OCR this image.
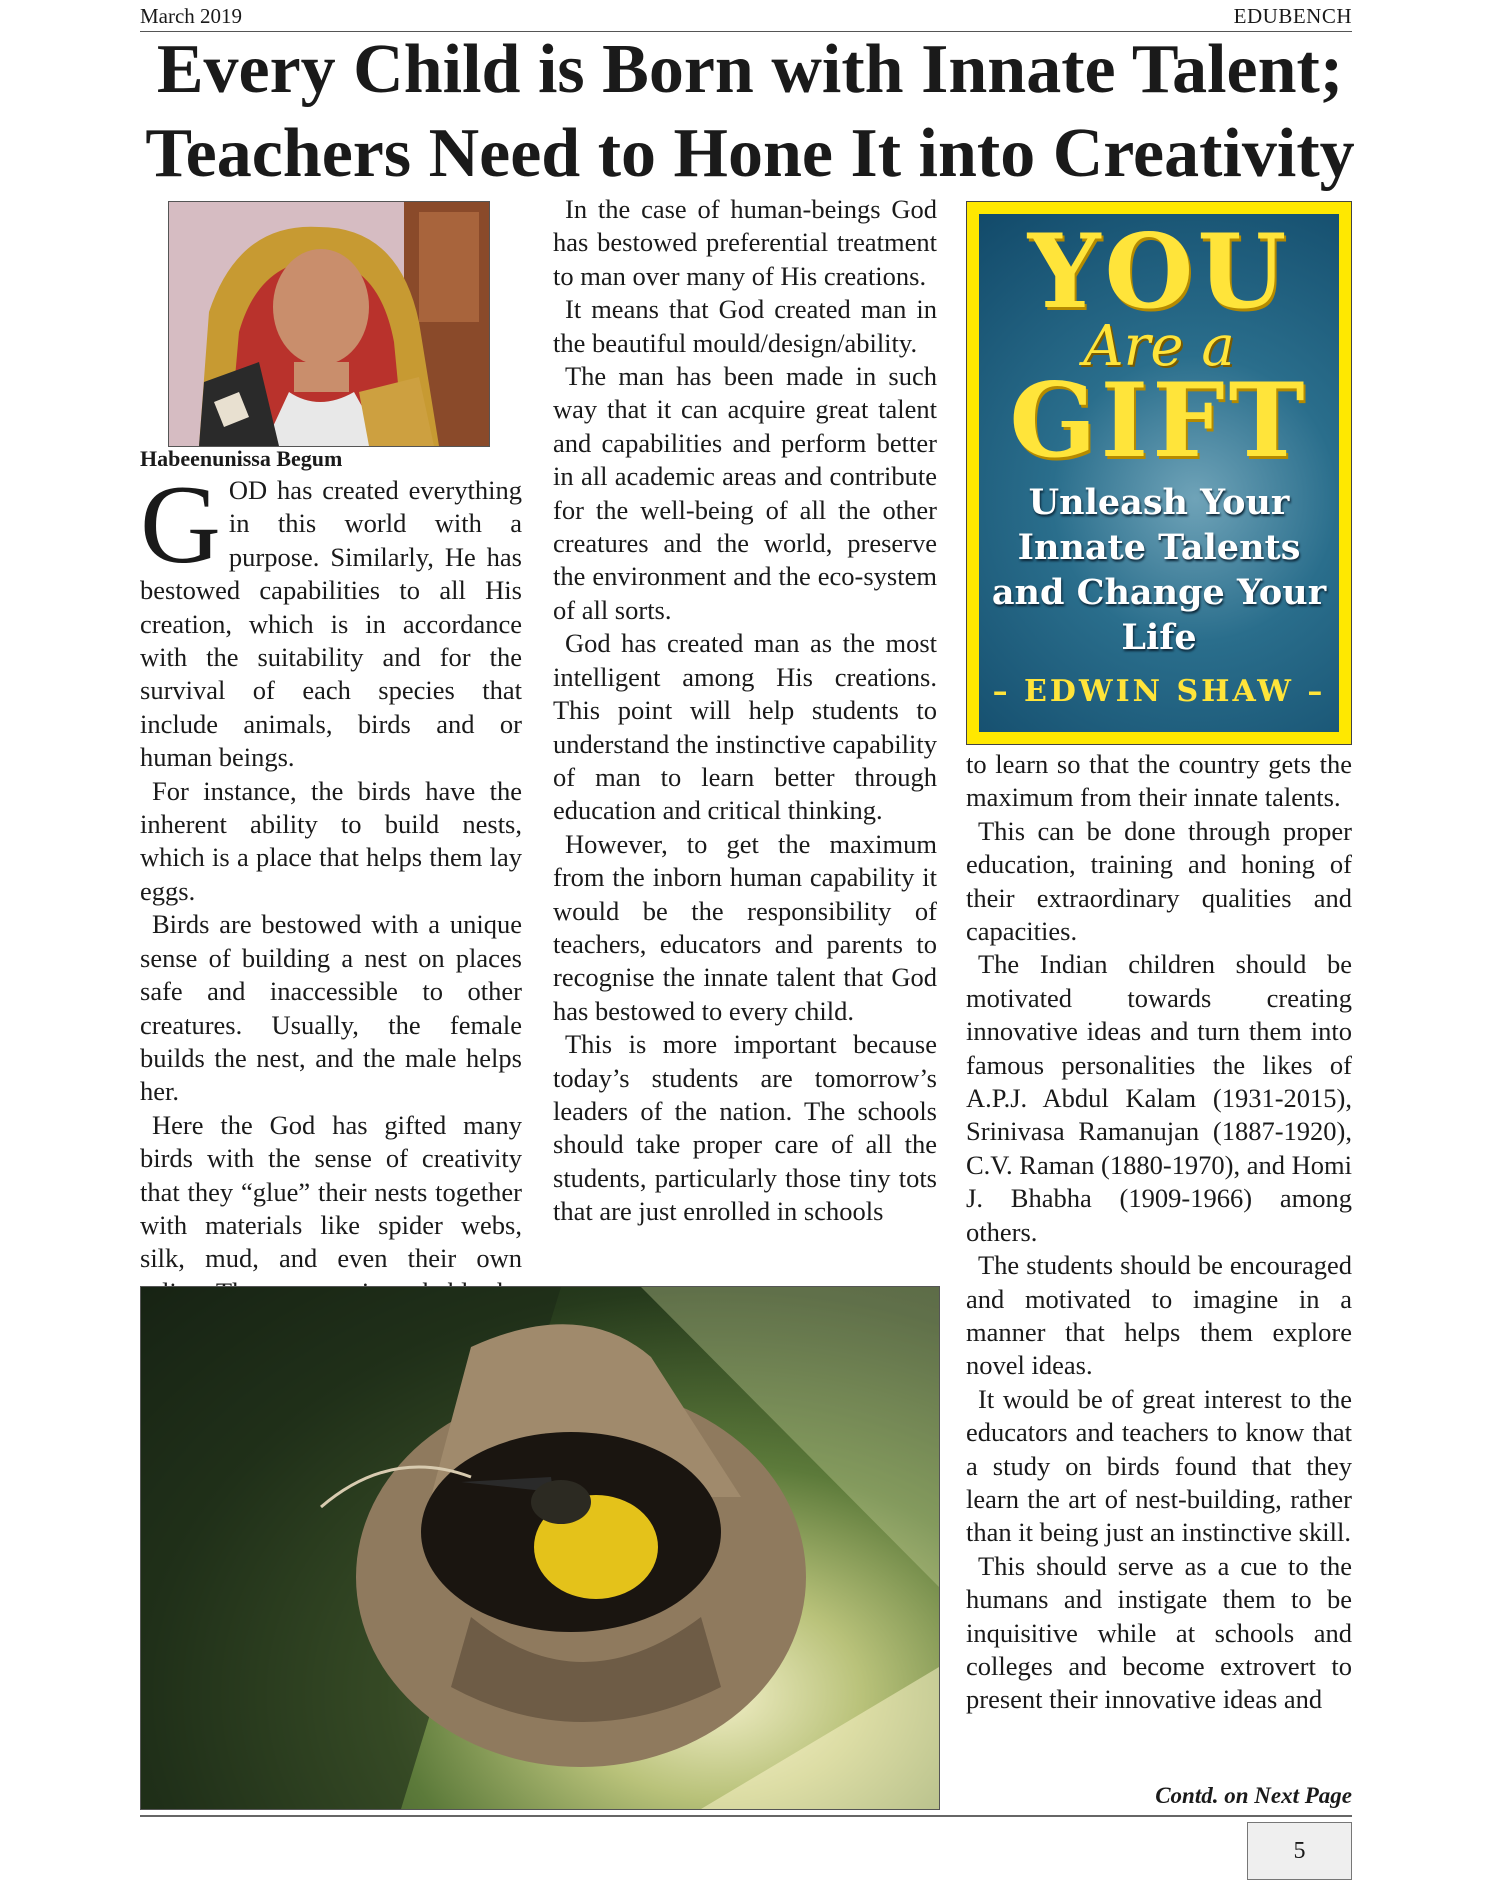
March 2019	EDUBENCH
Every Child is Born with Innate Talent;
Teachers Need to Hone It into Creativity
Habeenunissa Begum

GOD has created everything in this world with a purpose. Similarly, He has bestowed capabilities to all His creation, which is in accordance with the suitability and for the survival of each species that include animals, birds and or human beings.

For instance, the birds have the inherent ability to build nests, which is a place that helps them lay eggs.

Birds are bestowed with a unique sense of building a nest on places safe and inaccessible to other creatures. Usually, the female builds the nest, and the male helps her.

Here the God has gifted many birds with the sense of creativity that they “glue” their nests together with materials like spider webs, silk, mud, and even their own

In the case of human-beings God has bestowed preferential treatment to man over many of His creations.

It means that God created man in the beautiful mould/design/ability.

The man has been made in such way that it can acquire great talent and capabilities and perform better in all academic areas and contribute for the well-being of all the other creatures and the world, preserve the environment and the eco-system of all sorts.

God has created man as the most intelligent among His creations. This point will help students to understand the instinctive capability of man to learn better through education and critical thinking.

However, to get the maximum from the inborn human capability it would be the responsibility of teachers, educators and parents to recognise the innate talent that God has bestowed to every child.

This is more important because today’s students are tomorrow’s leaders of the nation. The schools should take proper care of all the students, particularly those tiny tots that are just enrolled in schools

YOU
Are a
GIFT
Unleash Your Innate Talents and Change Your Life
– EDWIN SHAW –

to learn so that the country gets the maximum from their innate talents.

This can be done through proper education, training and honing of their extraordinary qualities and capacities.

The Indian children should be motivated towards creating innovative ideas and turn them into famous personalities the likes of A.P.J. Abdul Kalam (1931-2015), Srinivasa Ramanujan (1887-1920), C.V. Raman (1880-1970), and Homi J. Bhabha (1909-1966) among others.

The students should be encouraged and motivated to imagine in a manner that helps them explore novel ideas.

It would be of great interest to the educators and teachers to know that a study on birds found that they learn the art of nest-building, rather than it being just an instinctive skill.

This should serve as a cue to the humans and instigate them to be inquisitive while at schools and colleges and become extrovert to present their innovative ideas and

Contd. on Next Page
5
